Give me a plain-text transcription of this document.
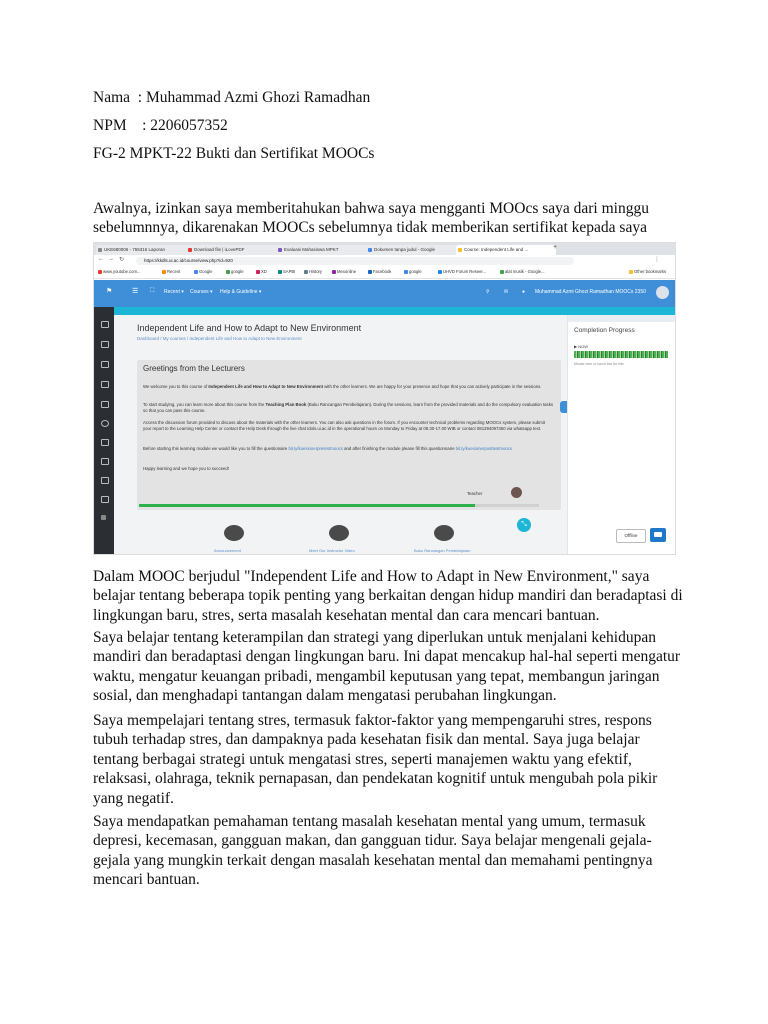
Nama : Muhammad Azmi Ghozi Ramadhan
NPM : 2206057352
FG-2 MPKT-22 Bukti dan Sertifikat MOOCs
Awalnya, izinkan saya memberitahukan bahwa saya mengganti MOOcs saya dari minggu sebelumnnya, dikarenakan MOOCs sebelumnya tidak memberikan sertifikat kepada saya
UKE680006 - 755316 Laporan	Download file | iLovePDF	Evaluasi Mahasiswa MPKT	Dokumen tanpa judul - Google	Course: Independent Life and ...	+
← → ↻	https://kkdls.ui.ac.id/course/view.php?id=920	⋮
www.youtube.com...	Recent	Google	google	XD	SAPBI	History	Mexonline	Facebook	google	UHVD Forum Reseer...	alat musik - Google...	Other bookmarks
⚑	☰ ⛶ Recent ▾ Courses ▾ Help & Guideline ▾	⚲	✉	● Muhammad Azmi Ghozi Ramadhan MOOCs 2350
Independent Life and How to Adapt to New Environment
Dashboard / My courses / Independent Life and How to Adapt to New Environment
Greetings from the Lecturers
We welcome you to this course of Independent Life and How to Adapt to New Environment with the other learners. We are happy for your presence and hope that you can actively participate in the sessions.
To start studying, you can learn more about this course from the Teaching Plan Book (Buku Rancangan Pembelajaran). During the sessions, learn from the provided materials and do the compulsory evaluation tasks so that you can pass this course.
Access the discussion forum provided to discuss about the materials with the other learners. You can also ask questions in the forum. If you encounter technical problems regarding MOOCs system, please submit your report to the Learning Help Center or contact the Help Desk through the live chat Idols.ui.ac.id in the operational hours on Monday to Friday at 08.30-17.00 WIB or contact 081294097360 via whatsapp text.
Before starting this learning module we would like you to fill the questionaire bit.ly/kuesionerpretestmoocs and after finishing the module please fill this questionnaire bit.ly/kuesionerposttestmoocs
Happy learning and we hope you to succeed!
Teacher
⤡
Announcement	Meet Our Instructor Video	Buku Rancangan Pembelajaran
Completion Progress
▶ NOW
Mouse over or touch bar for info.
Offline
Dalam MOOC berjudul "Independent Life and How to Adapt in New Environment," saya belajar tentang beberapa topik penting yang berkaitan dengan hidup mandiri dan beradaptasi di lingkungan baru, stres, serta masalah kesehatan mental dan cara mencari bantuan.
Saya belajar tentang keterampilan dan strategi yang diperlukan untuk menjalani kehidupan mandiri dan beradaptasi dengan lingkungan baru. Ini dapat mencakup hal-hal seperti mengatur waktu, mengatur keuangan pribadi, mengambil keputusan yang tepat, membangun jaringan sosial, dan menghadapi tantangan dalam mengatasi perubahan lingkungan.
Saya mempelajari tentang stres, termasuk faktor-faktor yang mempengaruhi stres, respons tubuh terhadap stres, dan dampaknya pada kesehatan fisik dan mental. Saya juga belajar tentang berbagai strategi untuk mengatasi stres, seperti manajemen waktu yang efektif, relaksasi, olahraga, teknik pernapasan, dan pendekatan kognitif untuk mengubah pola pikir yang negatif.
Saya mendapatkan pemahaman tentang masalah kesehatan mental yang umum, termasuk depresi, kecemasan, gangguan makan, dan gangguan tidur. Saya belajar mengenali gejala-gejala yang mungkin terkait dengan masalah kesehatan mental dan memahami pentingnya mencari bantuan.
